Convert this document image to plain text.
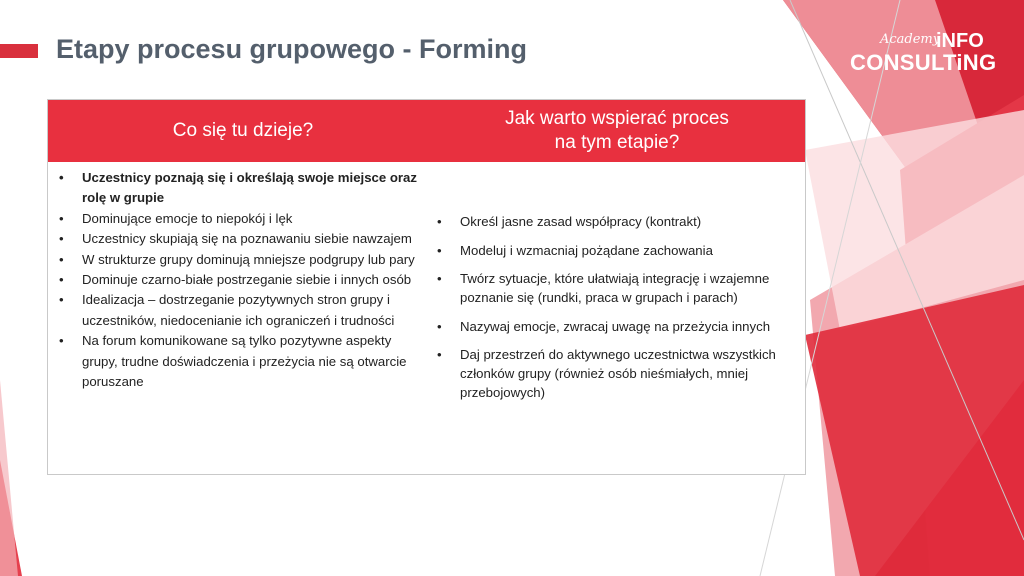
Etapy procesu grupowego - Forming	Academy
iNFO
CONSULTiNG
Co się tu dzieje?
Jak warto wspierać proces
na tym etapie?
• Uczestnicy poznają się i określają swoje miejsce oraz rolę w grupie
• Dominujące emocje to niepokój i lęk
• Uczestnicy skupiają się na poznawaniu siebie nawzajem
• W strukturze grupy dominują mniejsze podgrupy lub pary
• Dominuje czarno-białe postrzeganie siebie i innych osób
• Idealizacja – dostrzeganie pozytywnych stron grupy i uczestników, niedocenianie ich ograniczeń i trudności
• Na forum komunikowane są tylko pozytywne aspekty grupy, trudne doświadczenia i przeżycia nie są otwarcie poruszane
• Określ jasne zasad współpracy (kontrakt)
• Modeluj i wzmacniaj pożądane zachowania
• Twórz sytuacje, które ułatwiają integrację i wzajemne poznanie się (rundki, praca w grupach i parach)
• Nazywaj emocje, zwracaj uwagę na przeżycia innych
• Daj przestrzeń do aktywnego uczestnictwa wszystkich członków grupy (również osób nieśmiałych, mniej przebojowych)
